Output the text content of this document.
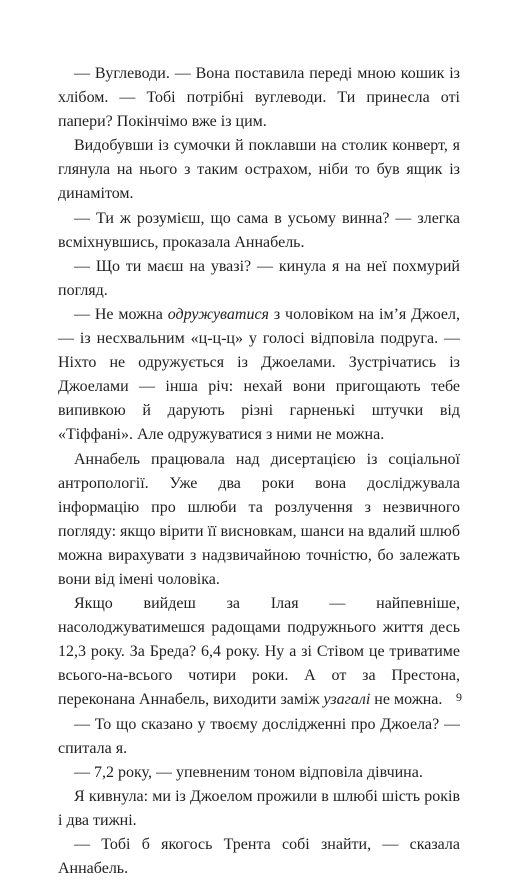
— Вуглеводи. — Вона поставила переді мною кошик із хлібом. — Тобі потрібні вуглеводи. Ти принесла оті папери? Покінчімо вже із цим.

Видобувши із сумочки й поклавши на столик конверт, я глянула на нього з таким острахом, ніби то був ящик із динамітом.

— Ти ж розумієш, що сама в усьому винна? — злегка всміхнувшись, проказала Аннабель.

— Що ти маєш на увазі? — кинула я на неї похмурий погляд.

— Не можна одружуватися з чоловіком на ім’я Джоел, — із несхвальним «ц-ц-ц» у голосі відповіла подруга. — Ніхто не одружується із Джоелами. Зустрічатись із Джоелами — інша річ: нехай вони пригощають тебе випивкою й дарують різні гарненькі штучки від «Тіффані». Але одружуватися з ними не можна.

Аннабель працювала над дисертацією із соціальної антропології. Уже два роки вона досліджувала інформацію про шлюби та розлучення з незвичного погляду: якщо вірити її висновкам, шанси на вдалий шлюб можна вирахувати з надзвичайною точністю, бо залежать вони від імені чоловіка.

Якщо вийдеш за Ілая — найпевніше, насолоджуватимешся радощами подружнього життя десь 12,3 року. За Бреда? 6,4 року. Ну а зі Стівом це триватиме всього-на-всього чотири роки. А от за Престона, переконана Аннабель, виходити заміж узагалі не можна.

— То що сказано у твоєму дослідженні про Джоела? — спитала я.

— 7,2 року, — упевненим тоном відповіла дівчина.

Я кивнула: ми із Джоелом прожили в шлюбі шість років і два тижні.

— Тобі б якогось Трента собі знайти, — сказала Аннабель.

9
